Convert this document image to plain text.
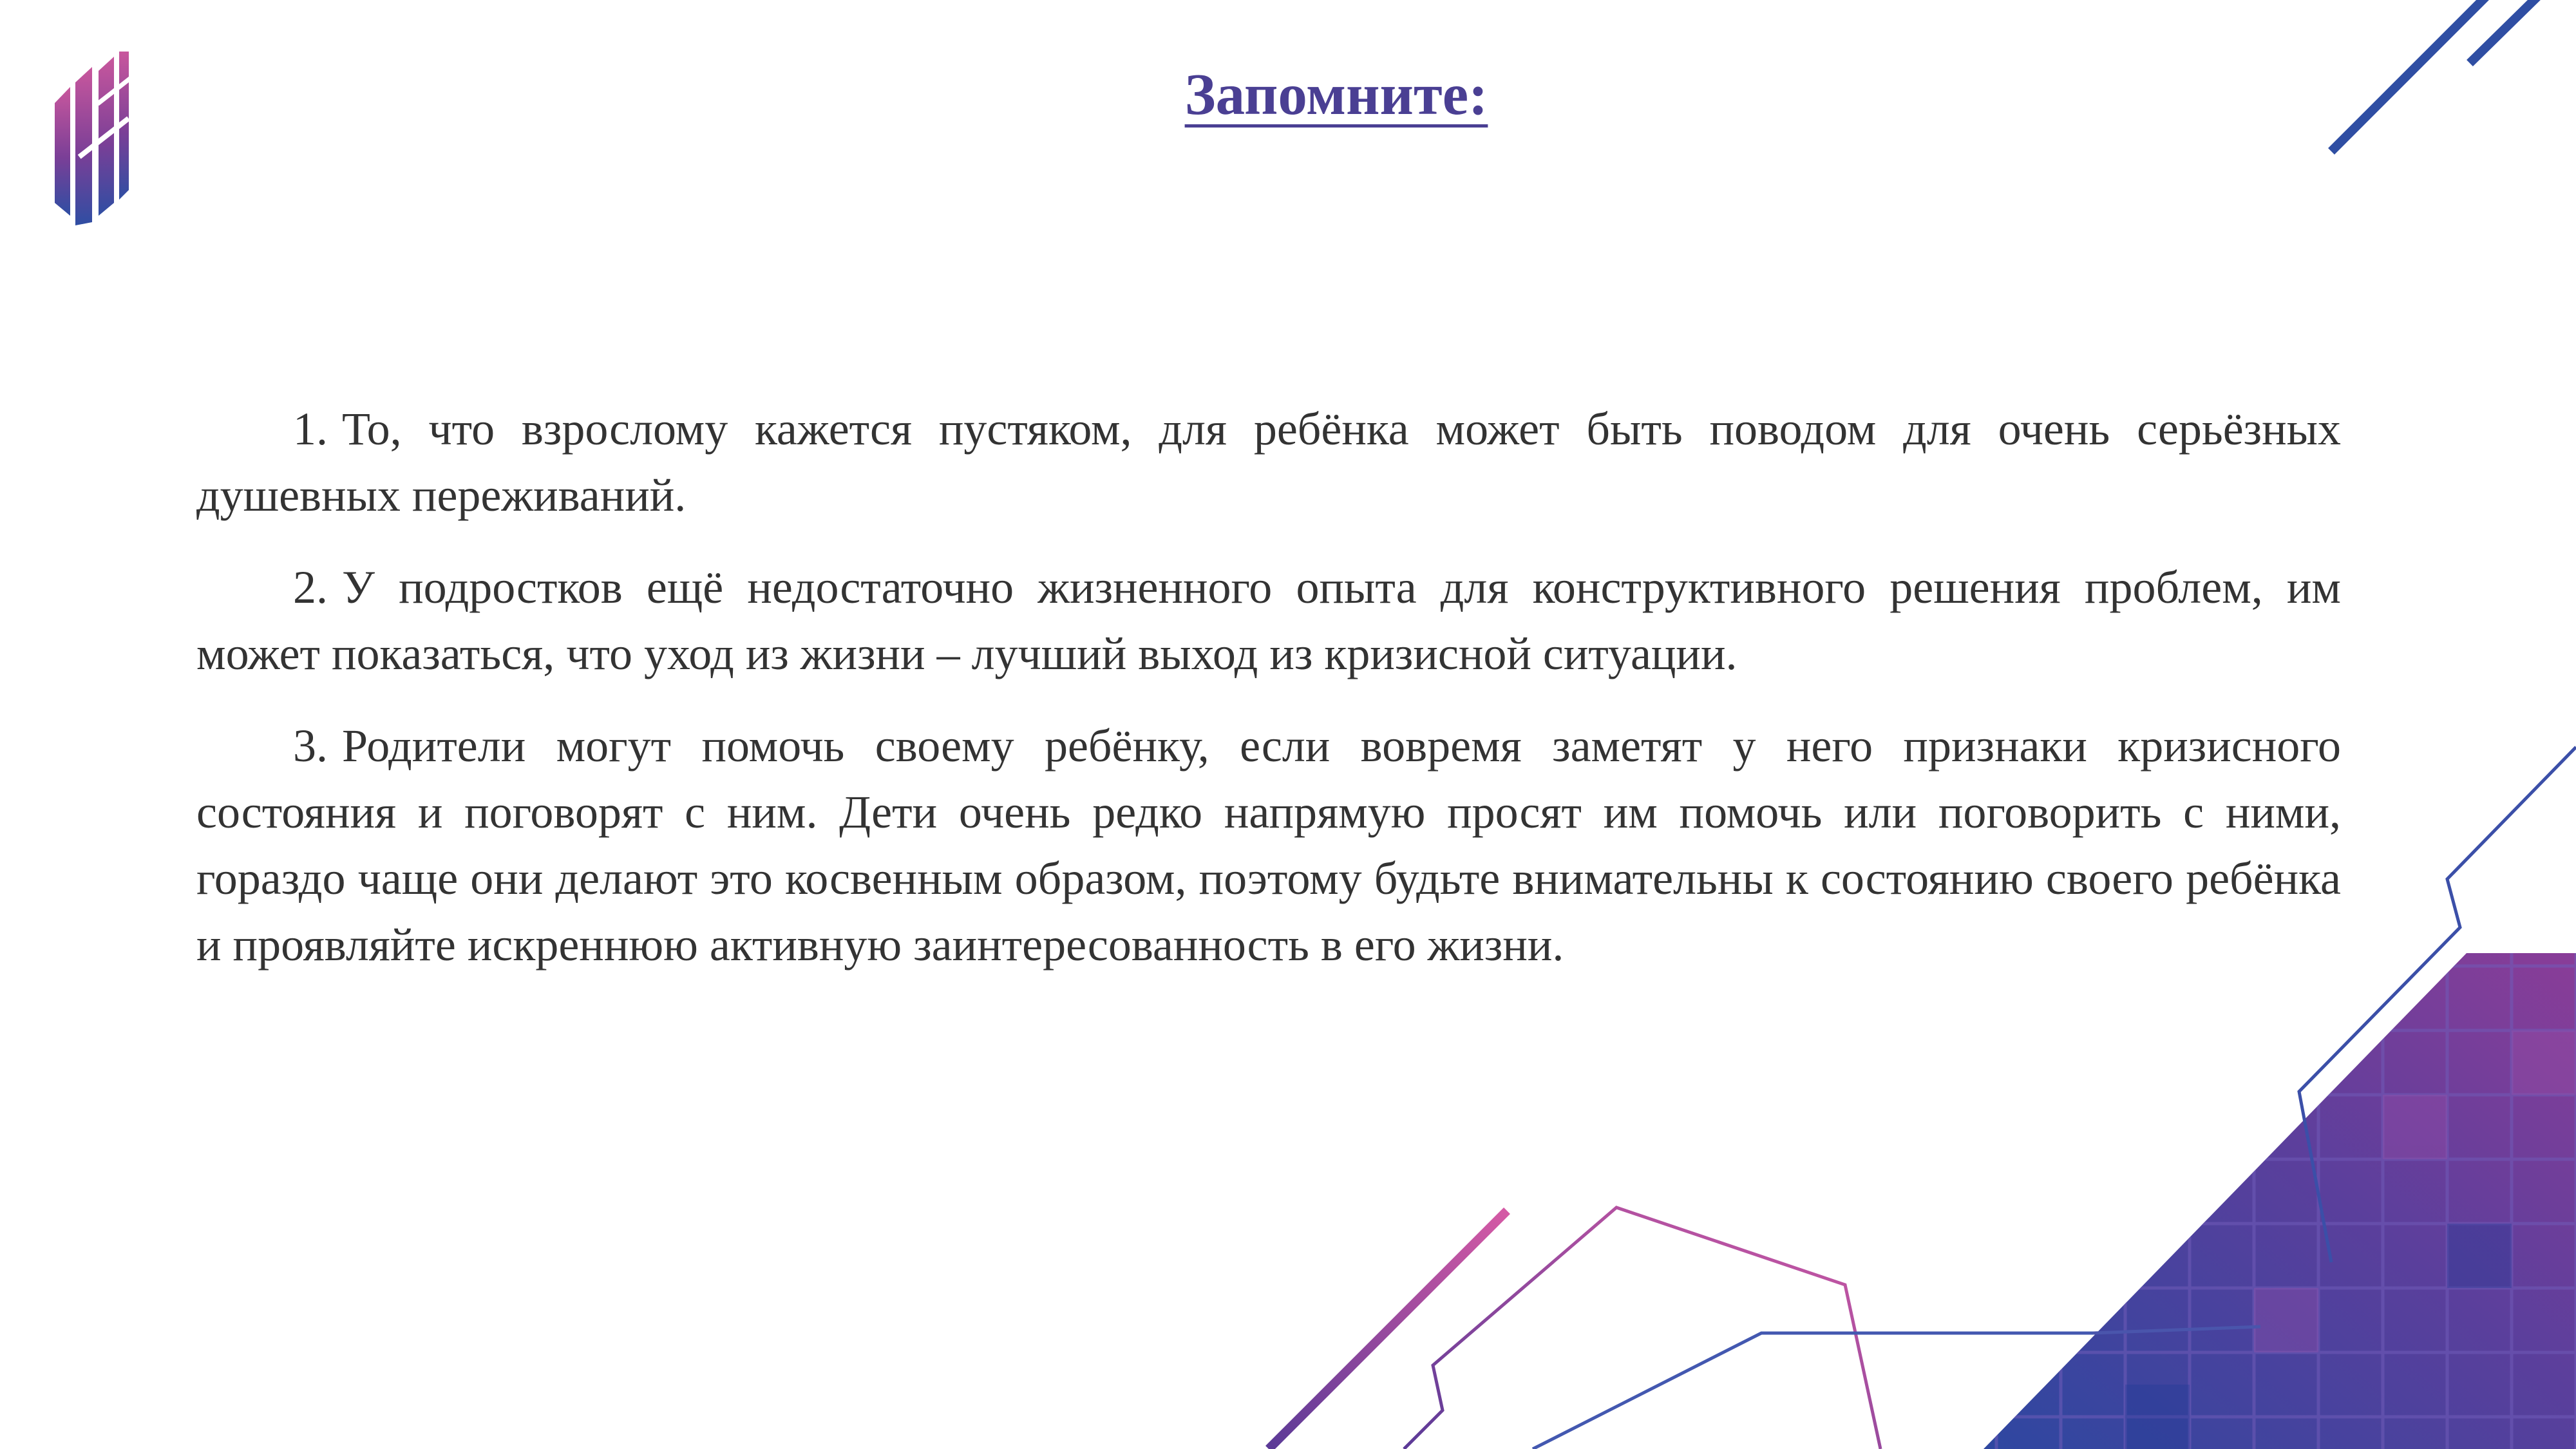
Запомните:

1. То, что взрослому кажется пустяком, для ребёнка может быть поводом для очень серьёзных душевных переживаний.

2. У подростков ещё недостаточно жизненного опыта для конструктивного решения проблем, им может показаться, что уход из жизни – лучший выход из кризисной ситуации.

3. Родители могут помочь своему ребёнку, если вовремя заметят у него признаки кризисного состояния и поговорят с ним. Дети очень редко напрямую просят им помочь или поговорить с ними, гораздо чаще они делают это косвенным образом, поэтому будьте внимательны к состоянию своего ребёнка и проявляйте искреннюю активную заинтересованность в его жизни.
